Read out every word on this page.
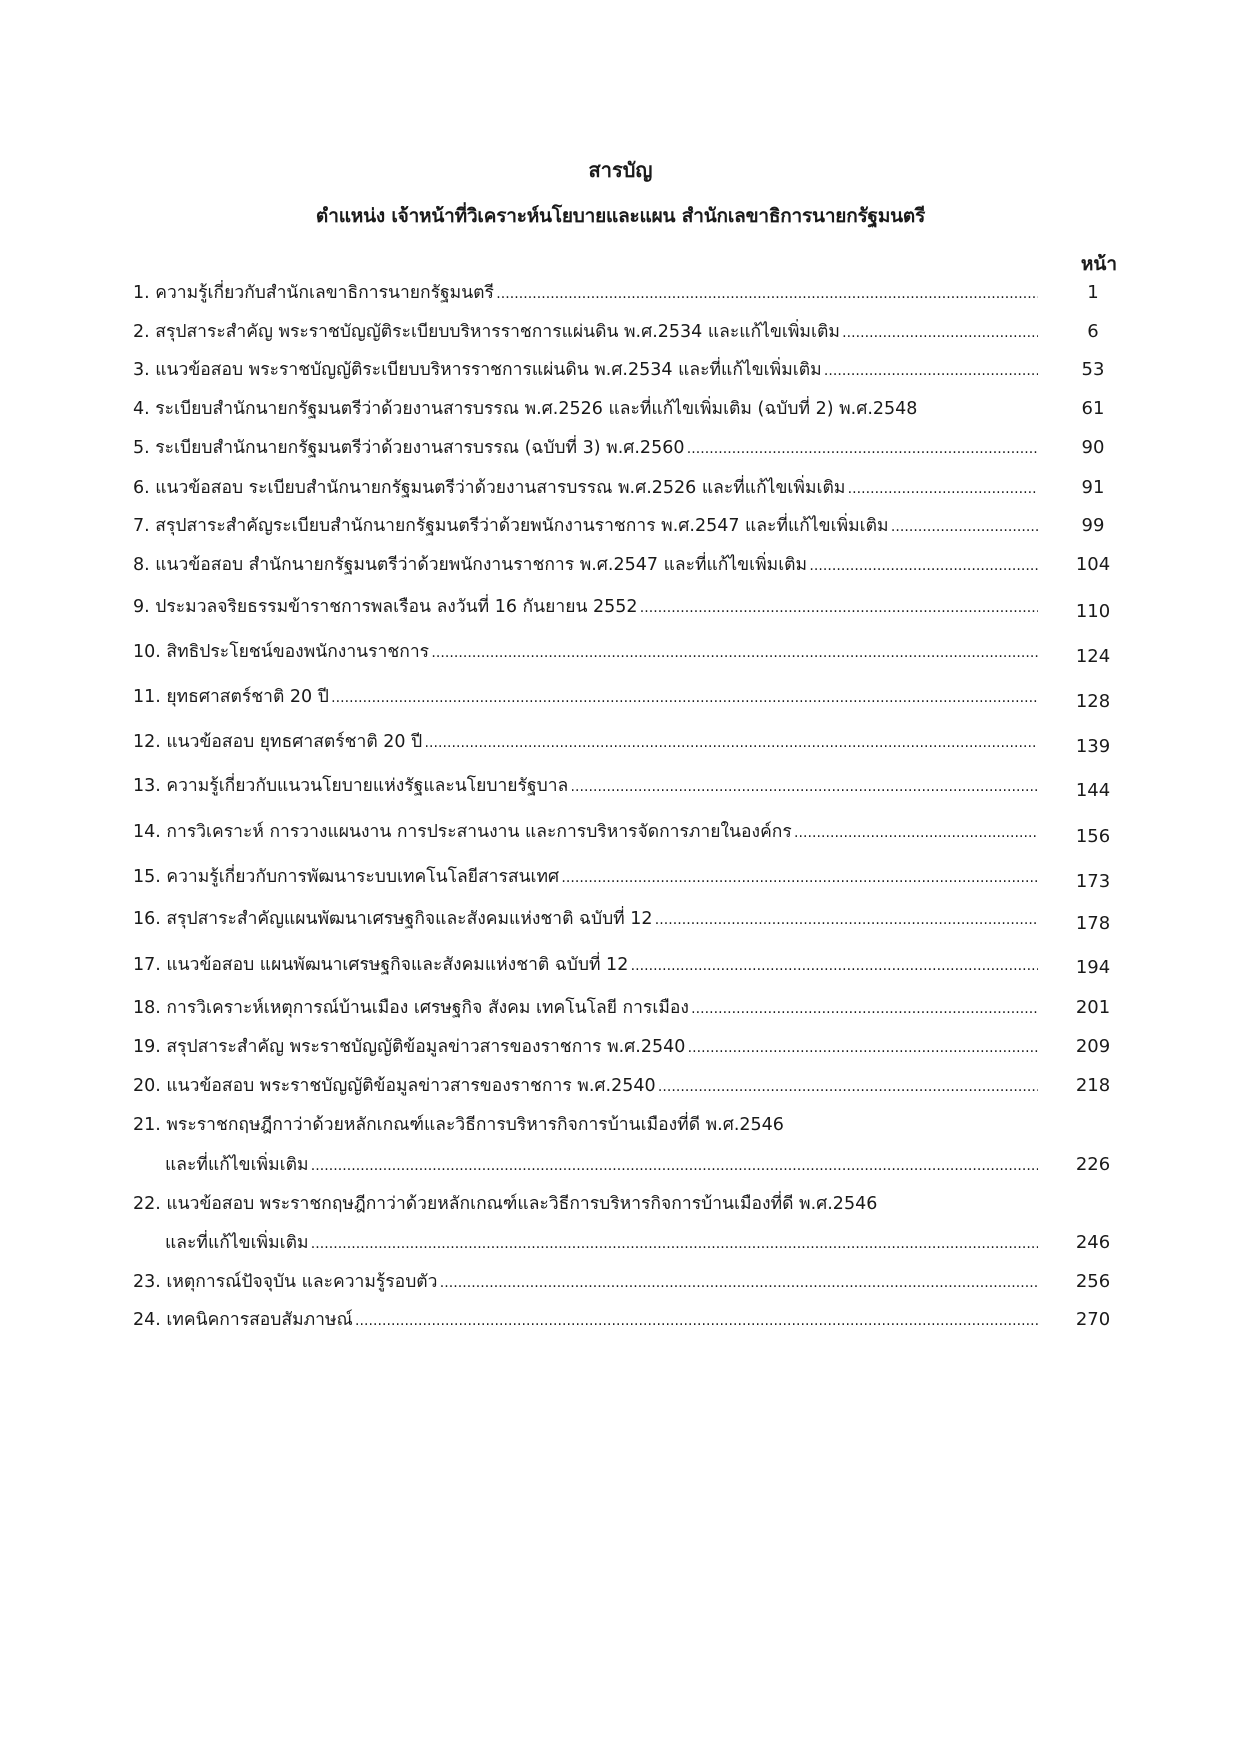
สารบัญ
ตำแหน่ง เจ้าหน้าที่วิเคราะห์นโยบายและแผน สำนักเลขาธิการนายกรัฐมนตรี
หน้า
1. ความรู้เกี่ยวกับสำนักเลขาธิการนายกรัฐมนตรี . . .	1
2. สรุปสาระสำคัญ พระราชบัญญัติระเบียบบริหารราชการแผ่นดิน พ.ศ.2534 และแก้ไขเพิ่มเติม . . .	6
3. แนวข้อสอบ พระราชบัญญัติระเบียบบริหารราชการแผ่นดิน พ.ศ.2534 และที่แก้ไขเพิ่มเติม . . .	53
4. ระเบียบสำนักนายกรัฐมนตรีว่าด้วยงานสารบรรณ พ.ศ.2526 และที่แก้ไขเพิ่มเติม (ฉบับที่ 2) พ.ศ.2548	61
5. ระเบียบสำนักนายกรัฐมนตรีว่าด้วยงานสารบรรณ (ฉบับที่ 3) พ.ศ.2560 . . .	90
6. แนวข้อสอบ ระเบียบสำนักนายกรัฐมนตรีว่าด้วยงานสารบรรณ พ.ศ.2526 และที่แก้ไขเพิ่มเติม . . .	91
7. สรุปสาระสำคัญระเบียบสำนักนายกรัฐมนตรีว่าด้วยพนักงานราชการ พ.ศ.2547 และที่แก้ไขเพิ่มเติม . . .	99
8. แนวข้อสอบ สำนักนายกรัฐมนตรีว่าด้วยพนักงานราชการ พ.ศ.2547 และที่แก้ไขเพิ่มเติม . . .	104
9. ประมวลจริยธรรมข้าราชการพลเรือน ลงวันที่ 16 กันยายน 2552 . . .	110
10. สิทธิประโยชน์ของพนักงานราชการ . . .	124
11. ยุทธศาสตร์ชาติ 20 ปี . . .	128
12. แนวข้อสอบ ยุทธศาสตร์ชาติ 20 ปี . . .	139
13. ความรู้เกี่ยวกับแนวนโยบายแห่งรัฐและนโยบายรัฐบาล . . .	144
14. การวิเคราะห์ การวางแผนงาน การประสานงาน และการบริหารจัดการภายในองค์กร . . .	156
15. ความรู้เกี่ยวกับการพัฒนาระบบเทคโนโลยีสารสนเทศ . . .	173
16. สรุปสาระสำคัญแผนพัฒนาเศรษฐกิจและสังคมแห่งชาติ ฉบับที่ 12 . . .	178
17. แนวข้อสอบ แผนพัฒนาเศรษฐกิจและสังคมแห่งชาติ ฉบับที่ 12 . . .	194
18. การวิเคราะห์เหตุการณ์บ้านเมือง เศรษฐกิจ สังคม เทคโนโลยี การเมือง . . .	201
19. สรุปสาระสำคัญ พระราชบัญญัติข้อมูลข่าวสารของราชการ พ.ศ.2540 . . .	209
20. แนวข้อสอบ พระราชบัญญัติข้อมูลข่าวสารของราชการ พ.ศ.2540 . . .	218
21. พระราชกฤษฎีกาว่าด้วยหลักเกณฑ์และวิธีการบริหารกิจการบ้านเมืองที่ดี พ.ศ.2546
และที่แก้ไขเพิ่มเติม . . .	226
22. แนวข้อสอบ พระราชกฤษฎีกาว่าด้วยหลักเกณฑ์และวิธีการบริหารกิจการบ้านเมืองที่ดี พ.ศ.2546
และที่แก้ไขเพิ่มเติม . . .	246
23. เหตุการณ์ปัจจุบัน และความรู้รอบตัว . . .	256
24. เทคนิคการสอบสัมภาษณ์ . . .	270
